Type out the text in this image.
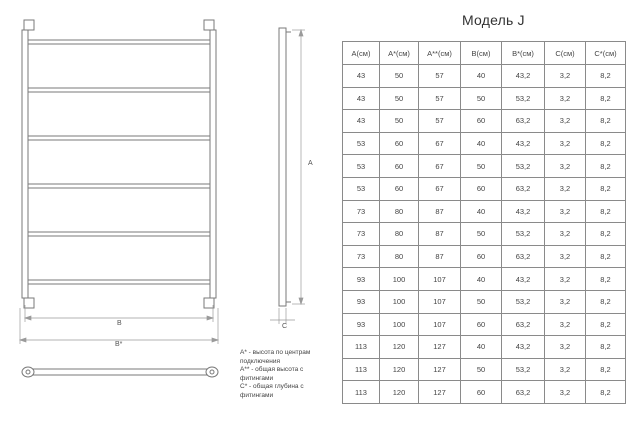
A
B
B*
C
A* - высота по центрам
подключения
A** - общая высота с
фитингами
C* - общая глубина с
фитингами
Модель J
А(см)	А*(см)	А**(см)	В(см)	В*(см)	С(см)	С*(см)
43	50	57	40	43,2	3,2	8,2
43	50	57	50	53,2	3,2	8,2
43	50	57	60	63,2	3,2	8,2
53	60	67	40	43,2	3,2	8,2
53	60	67	50	53,2	3,2	8,2
53	60	67	60	63,2	3,2	8,2
73	80	87	40	43,2	3,2	8,2
73	80	87	50	53,2	3,2	8,2
73	80	87	60	63,2	3,2	8,2
93	100	107	40	43,2	3,2	8,2
93	100	107	50	53,2	3,2	8,2
93	100	107	60	63,2	3,2	8,2
113	120	127	40	43,2	3,2	8,2
113	120	127	50	53,2	3,2	8,2
113	120	127	60	63,2	3,2	8,2
